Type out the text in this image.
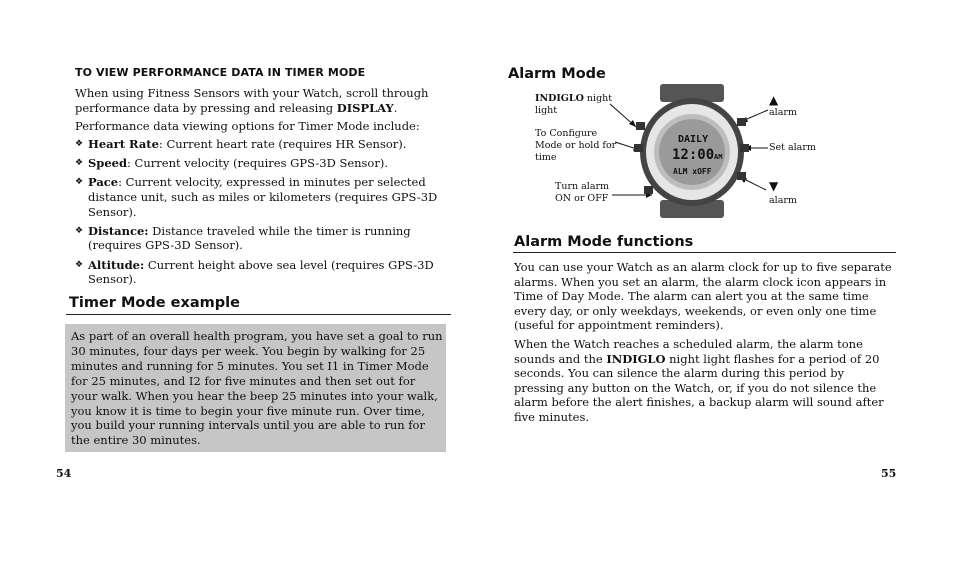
TO VIEW PERFORMANCE DATA IN TIMER MODE
When using Fitness Sensors with your Watch, scroll through performance data by pressing and releasing DISPLAY.
Performance data viewing options for Timer Mode include:
❖ Heart Rate: Current heart rate (requires HR Sensor).
❖ Speed: Current velocity (requires GPS-3D Sensor).
❖ Pace: Current velocity, expressed in minutes per selected distance unit, such as miles or kilometers (requires GPS-3D Sensor).
❖ Distance: Distance traveled while the timer is running (requires GPS-3D Sensor).
❖ Altitude: Current height above sea level (requires GPS-3D Sensor).
Timer Mode example
As part of an overall health program, you have set a goal to run 30 minutes, four days per week. You begin by walking for 25 minutes and running for 5 minutes. You set I1 in Timer Mode for 25 minutes, and I2 for five minutes and then set out for your walk. When you hear the beep 25 minutes into your walk, you know it is time to begin your five minute run. Over time, you build your running intervals until you are able to run for the entire 30 minutes.
54
Alarm Mode
DAILY
12:00 AM
ALM xOFF
INDIGLO night light
To Configure Mode or hold for time
Turn alarm ON or OFF
▲
alarm
Set alarm
▼
alarm
Alarm Mode functions
You can use your Watch as an alarm clock for up to five separate alarms. When you set an alarm, the alarm clock icon appears in Time of Day Mode. The alarm can alert you at the same time every day, or only weekdays, weekends, or even only one time (useful for appointment reminders).
When the Watch reaches a scheduled alarm, the alarm tone sounds and the INDIGLO night light flashes for a period of 20 seconds. You can silence the alarm during this period by pressing any button on the Watch, or, if you do not silence the alarm before the alert finishes, a backup alarm will sound after five minutes.
55
